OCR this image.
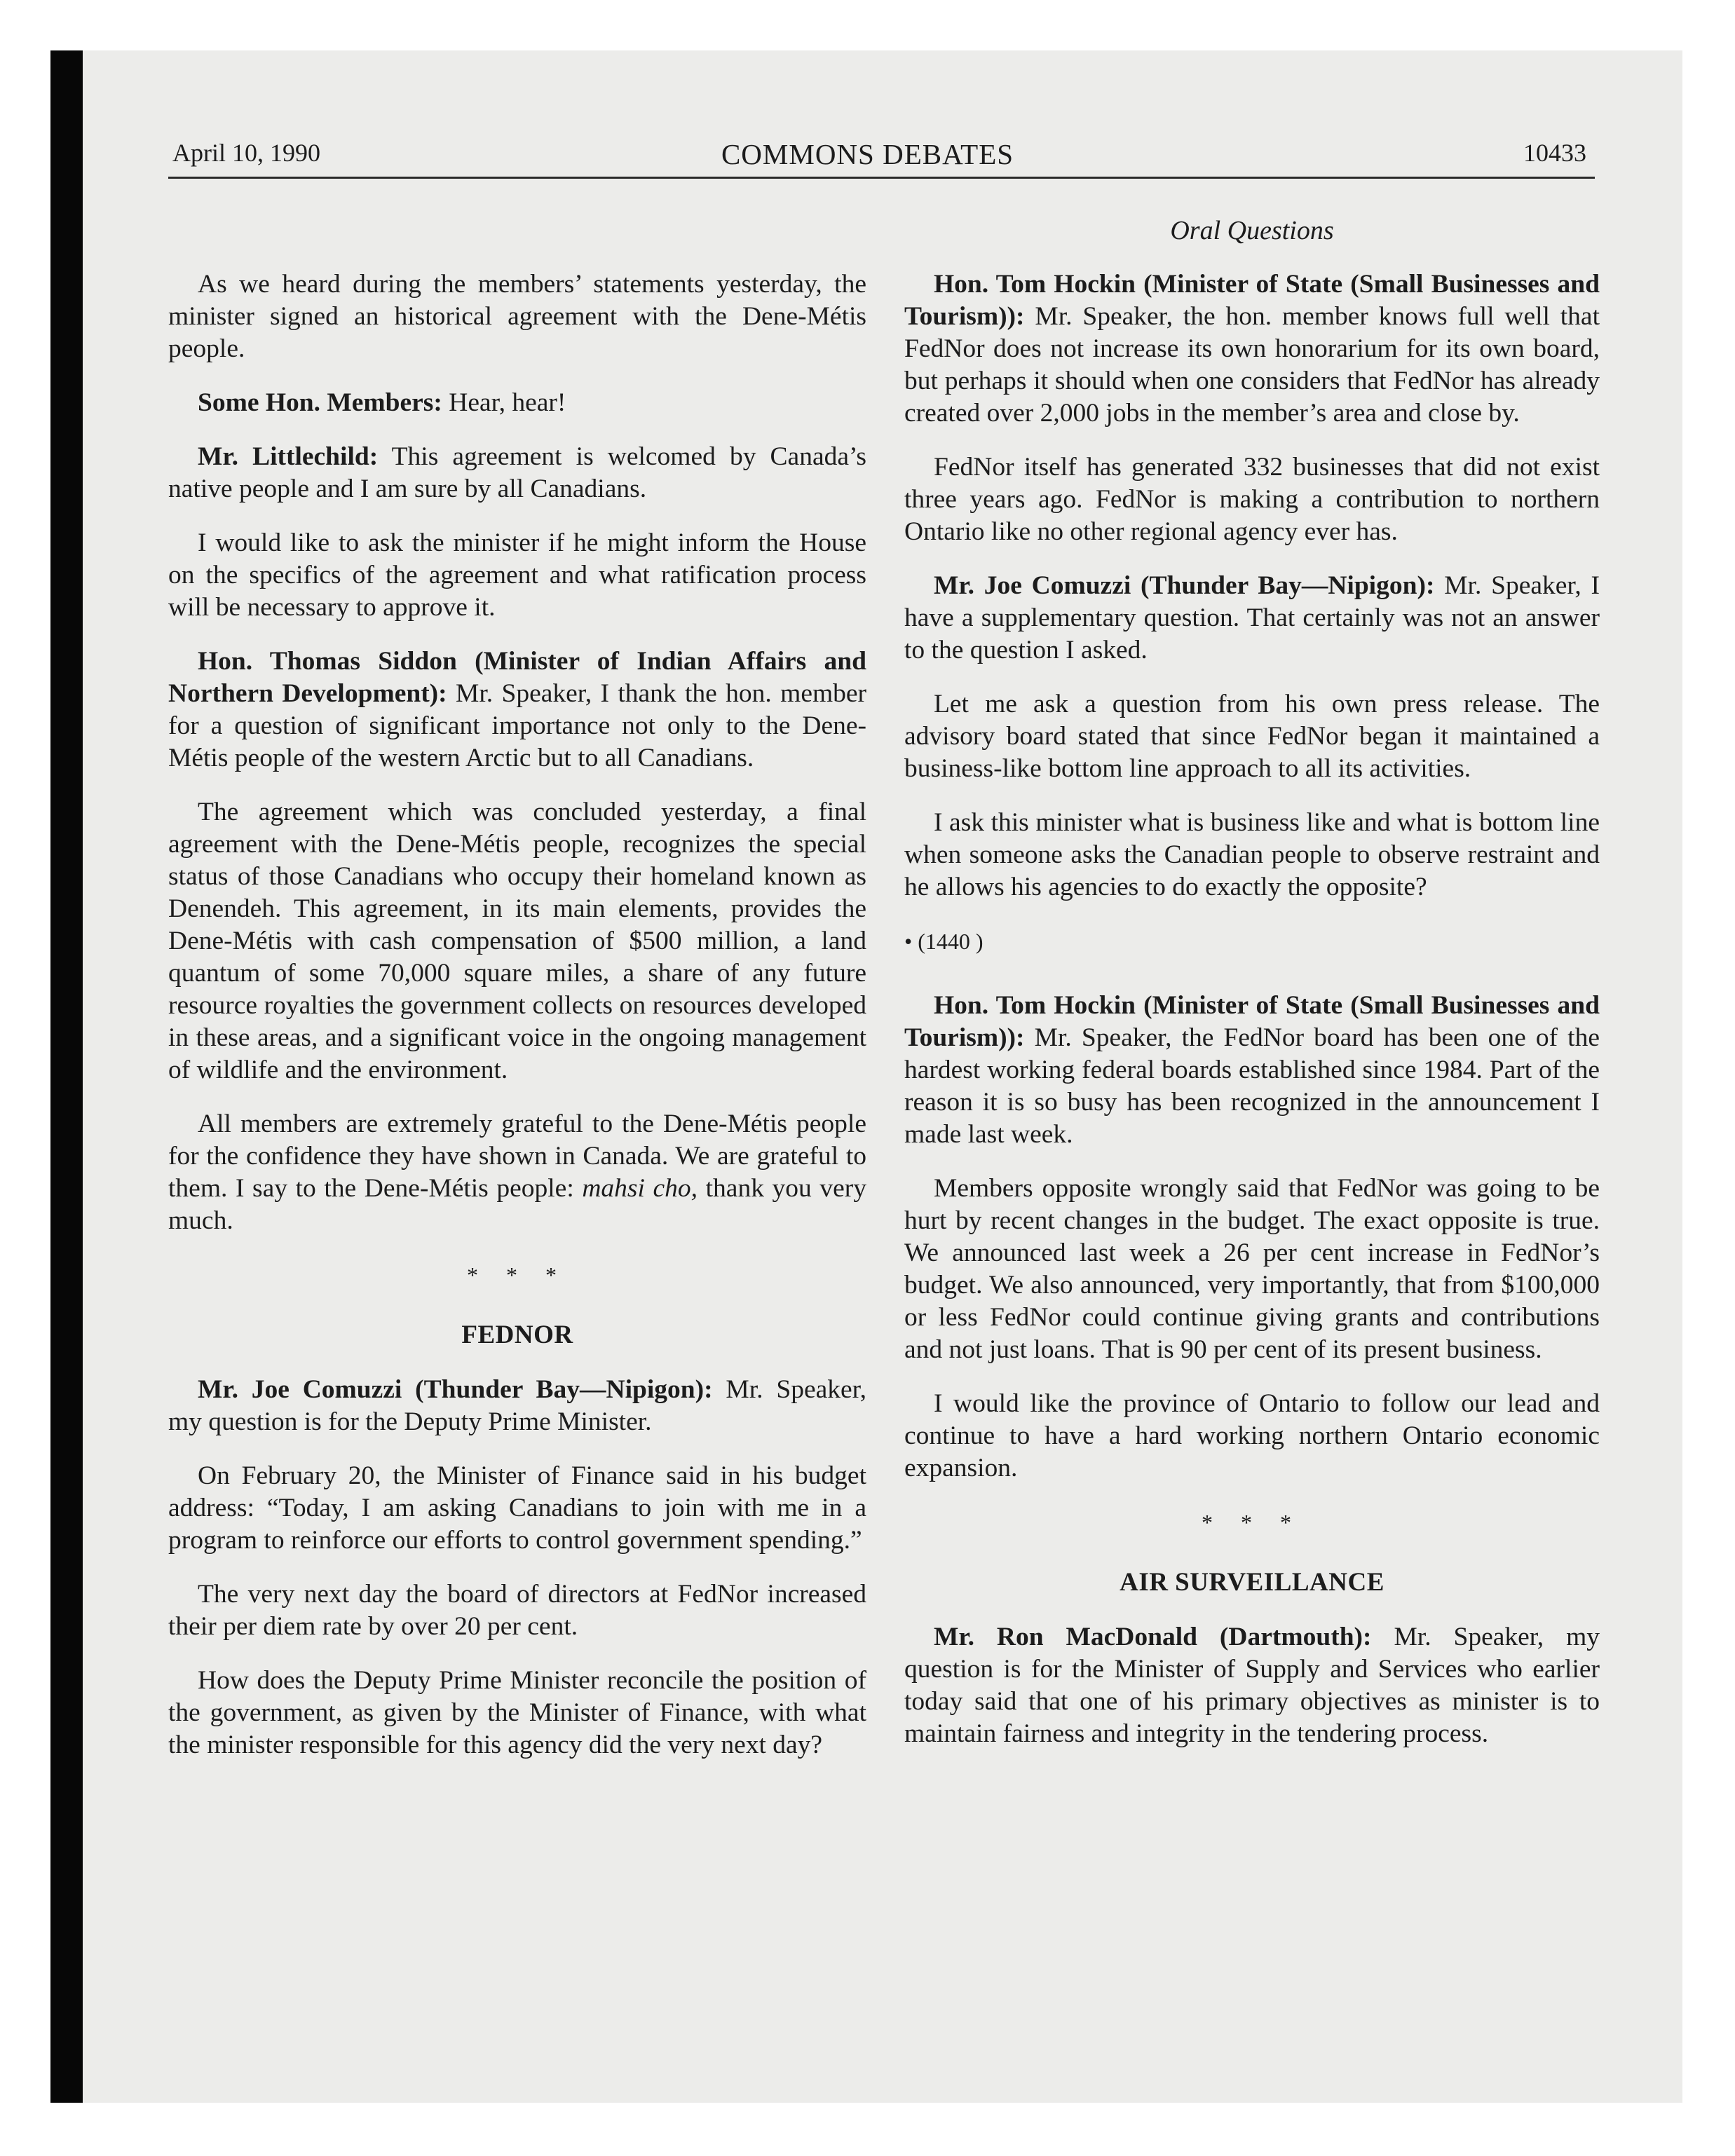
April 10, 1990	COMMONS DEBATES	10433

As we heard during the members’ statements yesterday, the minister signed an historical agreement with the Dene-Métis people.

Some Hon. Members: Hear, hear!

Mr. Littlechild: This agreement is welcomed by Canada’s native people and I am sure by all Canadians.

I would like to ask the minister if he might inform the House on the specifics of the agreement and what ratification process will be necessary to approve it.

Hon. Thomas Siddon (Minister of Indian Affairs and Northern Development): Mr. Speaker, I thank the hon. member for a question of significant importance not only to the Dene-Métis people of the western Arctic but to all Canadians.

The agreement which was concluded yesterday, a final agreement with the Dene-Métis people, recognizes the special status of those Canadians who occupy their homeland known as Denendeh. This agreement, in its main elements, provides the Dene-Métis with cash compensation of $500 million, a land quantum of some 70,000 square miles, a share of any future resource royalties the government collects on resources developed in these areas, and a significant voice in the ongoing management of wildlife and the environment.

All members are extremely grateful to the Dene-Métis people for the confidence they have shown in Canada. We are grateful to them. I say to the Dene-Métis people: mahsi cho, thank you very much.

* * *

FEDNOR

Mr. Joe Comuzzi (Thunder Bay—Nipigon): Mr. Speaker, my question is for the Deputy Prime Minister.

On February 20, the Minister of Finance said in his budget address: “Today, I am asking Canadians to join with me in a program to reinforce our efforts to control government spending.”

The very next day the board of directors at FedNor increased their per diem rate by over 20 per cent.

How does the Deputy Prime Minister reconcile the position of the government, as given by the Minister of Finance, with what the minister responsible for this agency did the very next day?

Oral Questions

Hon. Tom Hockin (Minister of State (Small Businesses and Tourism)): Mr. Speaker, the hon. member knows full well that FedNor does not increase its own honorarium for its own board, but perhaps it should when one considers that FedNor has already created over 2,000 jobs in the member’s area and close by.

FedNor itself has generated 332 businesses that did not exist three years ago. FedNor is making a contribution to northern Ontario like no other regional agency ever has.

Mr. Joe Comuzzi (Thunder Bay—Nipigon): Mr. Speaker, I have a supplementary question. That certainly was not an answer to the question I asked.

Let me ask a question from his own press release. The advisory board stated that since FedNor began it maintained a business-like bottom line approach to all its activities.

I ask this minister what is business like and what is bottom line when someone asks the Canadian people to observe restraint and he allows his agencies to do exactly the opposite?

• (1440 )

Hon. Tom Hockin (Minister of State (Small Businesses and Tourism)): Mr. Speaker, the FedNor board has been one of the hardest working federal boards established since 1984. Part of the reason it is so busy has been recognized in the announcement I made last week.

Members opposite wrongly said that FedNor was going to be hurt by recent changes in the budget. The exact opposite is true. We announced last week a 26 per cent increase in FedNor’s budget. We also announced, very importantly, that from $100,000 or less FedNor could continue giving grants and contributions and not just loans. That is 90 per cent of its present business.

I would like the province of Ontario to follow our lead and continue to have a hard working northern Ontario economic expansion.

* * *

AIR SURVEILLANCE

Mr. Ron MacDonald (Dartmouth): Mr. Speaker, my question is for the Minister of Supply and Services who earlier today said that one of his primary objectives as minister is to maintain fairness and integrity in the tendering process.
